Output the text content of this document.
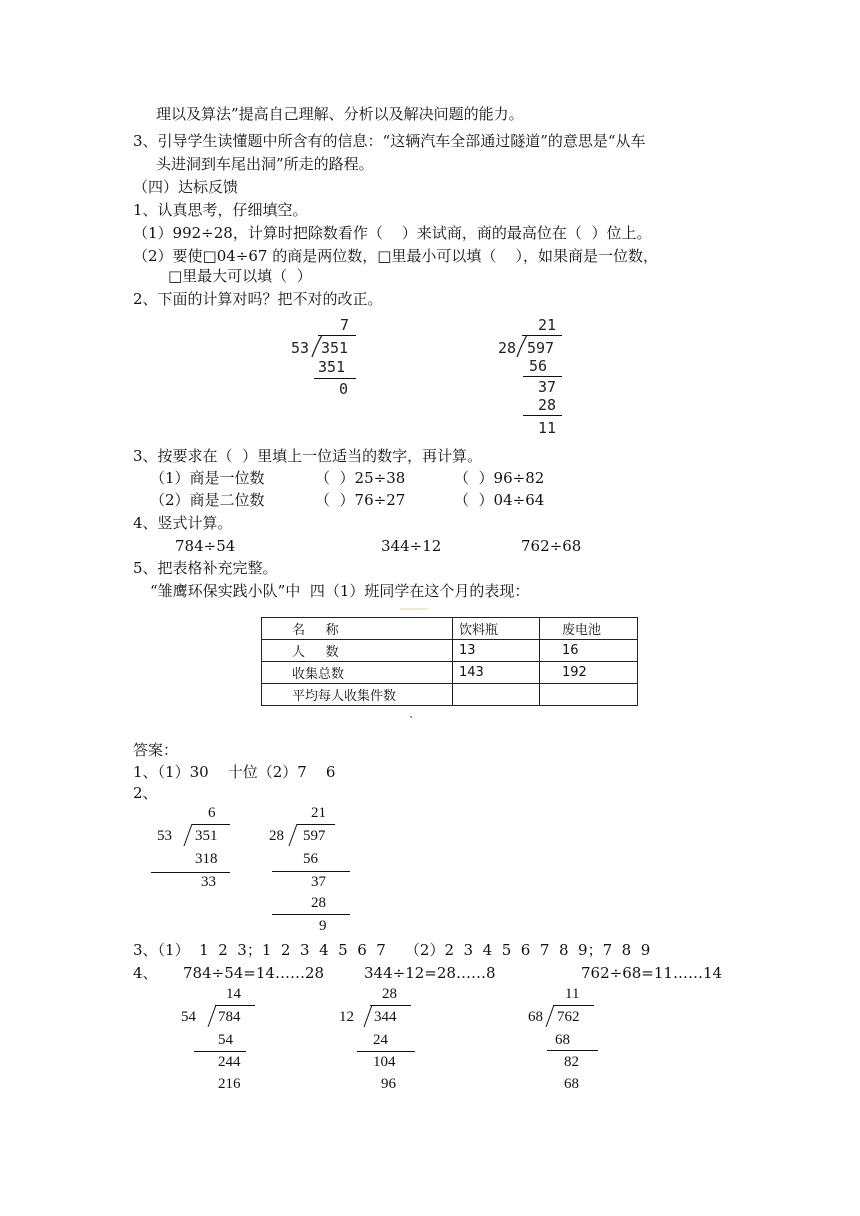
理以及算法”提高自己理解、分析以及解决问题的能力。
3、引导学生读懂题中所含有的信息：“这辆汽车全部通过隧道”的意思是“从车
头进洞到车尾出洞”所走的路程。
（四）达标反馈
1、认真思考，仔细填空。
（1）992÷28，计算时把除数看作（    ）来试商，商的最高位在（  ）位上。
（2）要使□04÷67 的商是两位数，□里最小可以填（    ），如果商是一位数，
□里最大可以填（  ）
2、下面的计算对吗？把不对的改正。
7
53 351
351
0
21
28 597
56
37
28
11
3、按要求在（  ）里填上一位适当的数字，再计算。
（1）商是一位数	（  ）25÷38	（  ）96÷82
（2）商是二位数	（  ）76÷27	（  ）04÷64
4、竖式计算。
784÷54	344÷12	762÷68
5、把表格补充完整。
“雏鹰环保实践小队”中  四（1）班同学在这个月的表现：
名     称	饮料瓶	废电池
人     数	13	16
收集总数	143	192
平均每人收集件数		
`
答案：
1、（1）30    十位（2）7    6
2、
6
53 351
318
33
21
28 597
56
37
28
9
3、（1）  1  2  3；1  2  3  4  5  6  7    （2）2  3  4  5  6  7  8  9；7  8  9
4、 784÷54=14……28	344÷12=28……8	762÷68=11……14
14
54 784
54
244
216
28
12 344
24
104
96
11
68 762
68
82
68
